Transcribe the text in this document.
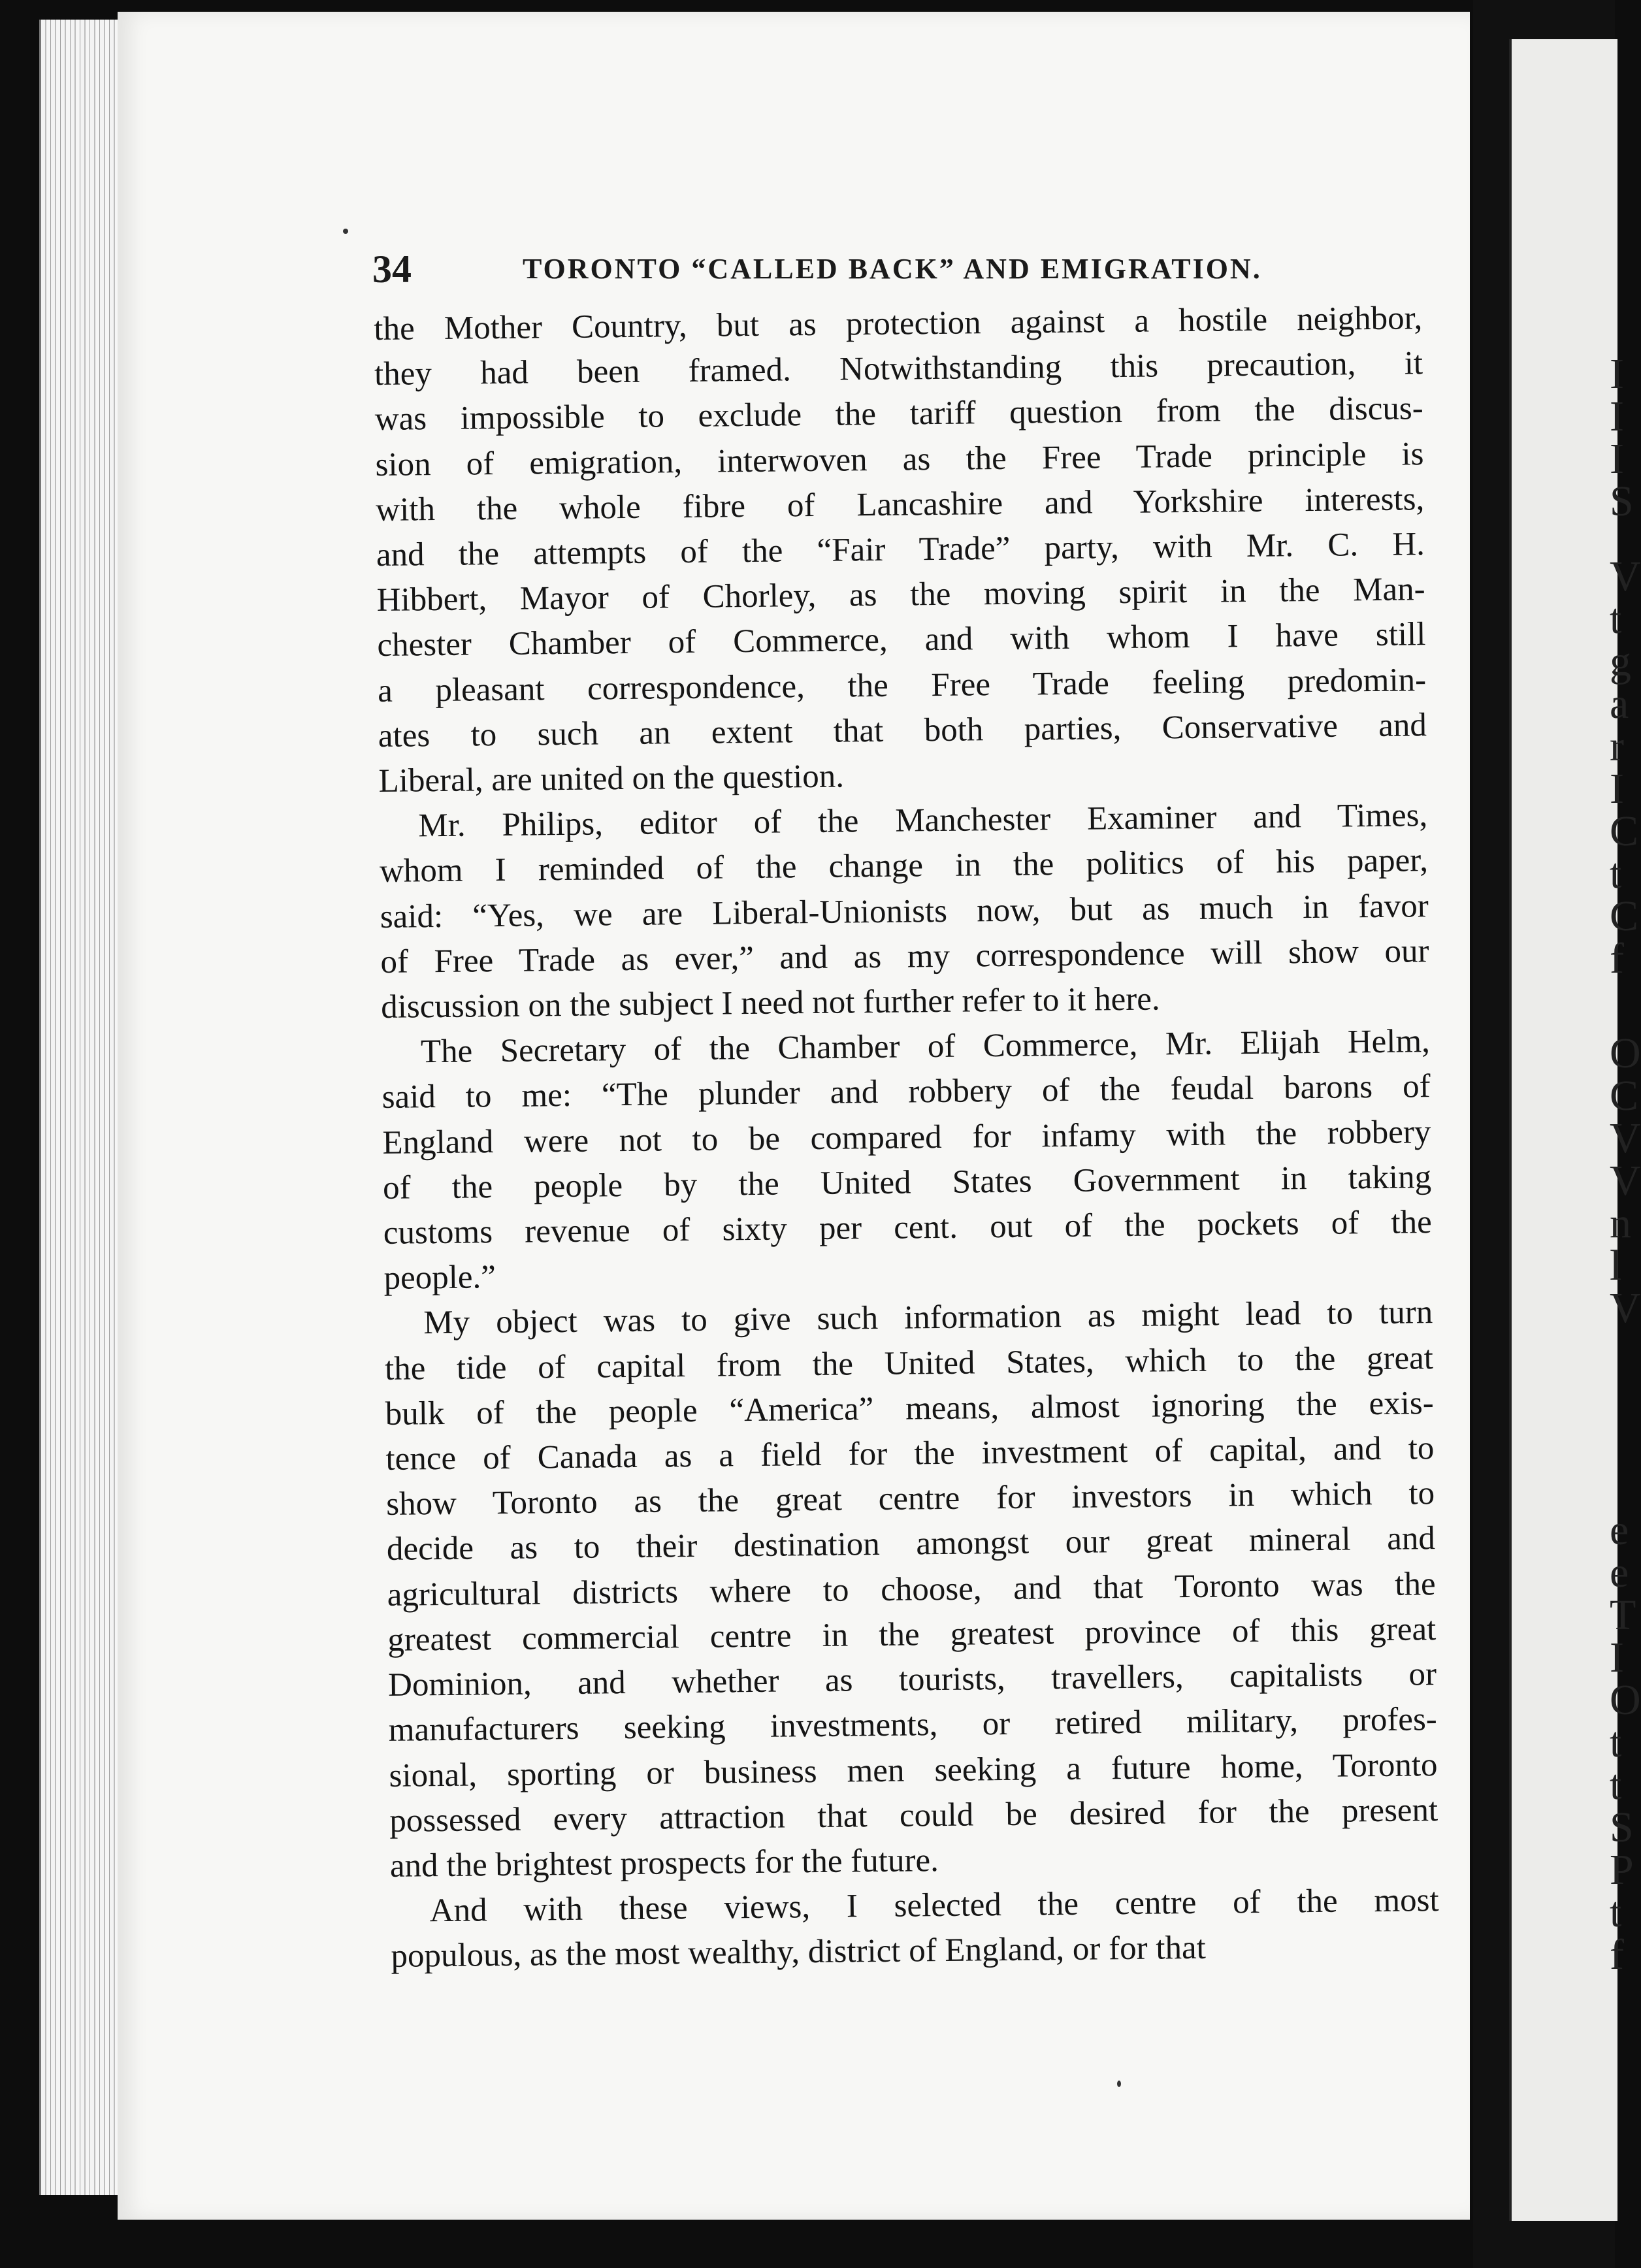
I
I
I
S
V
t
g
a
r
I
C
t
C
f
O
C
V
V
n
l
V
e
e
T
I
O
t
t
S
P
t
f
34	TORONTO “CALLED BACK” AND EMIGRATION.
the Mother Country, but as protection against a hostile neighbor,
they had been framed. Notwithstanding this precaution, it
was impossible to exclude the tariff question from the discus-
sion of emigration, interwoven as the Free Trade principle is
with the whole fibre of Lancashire and Yorkshire interests,
and the attempts of the “Fair Trade” party, with Mr. C. H.
Hibbert, Mayor of Chorley, as the moving spirit in the Man-
chester Chamber of Commerce, and with whom I have still
a pleasant correspondence, the Free Trade feeling predomin-
ates to such an extent that both parties, Conservative and
Liberal, are united on the question.
Mr. Philips, editor of the Manchester Examiner and Times,
whom I reminded of the change in the politics of his paper,
said: “Yes, we are Liberal-Unionists now, but as much in favor
of Free Trade as ever,” and as my correspondence will show our
discussion on the subject I need not further refer to it here.
The Secretary of the Chamber of Commerce, Mr. Elijah Helm,
said to me: “The plunder and robbery of the feudal barons of
England were not to be compared for infamy with the robbery
of the people by the United States Government in taking
customs revenue of sixty per cent. out of the pockets of the
people.”
My object was to give such information as might lead to turn
the tide of capital from the United States, which to the great
bulk of the people “America” means, almost ignoring the exis-
tence of Canada as a field for the investment of capital, and to
show Toronto as the great centre for investors in which to
decide as to their destination amongst our great mineral and
agricultural districts where to choose, and that Toronto was the
greatest commercial centre in the greatest province of this great
Dominion, and whether as tourists, travellers, capitalists or
manufacturers seeking investments, or retired military, profes-
sional, sporting or business men seeking a future home, Toronto
possessed every attraction that could be desired for the present
and the brightest prospects for the future.
And with these views, I selected the centre of the most
populous, as the most wealthy, district of England, or for that
